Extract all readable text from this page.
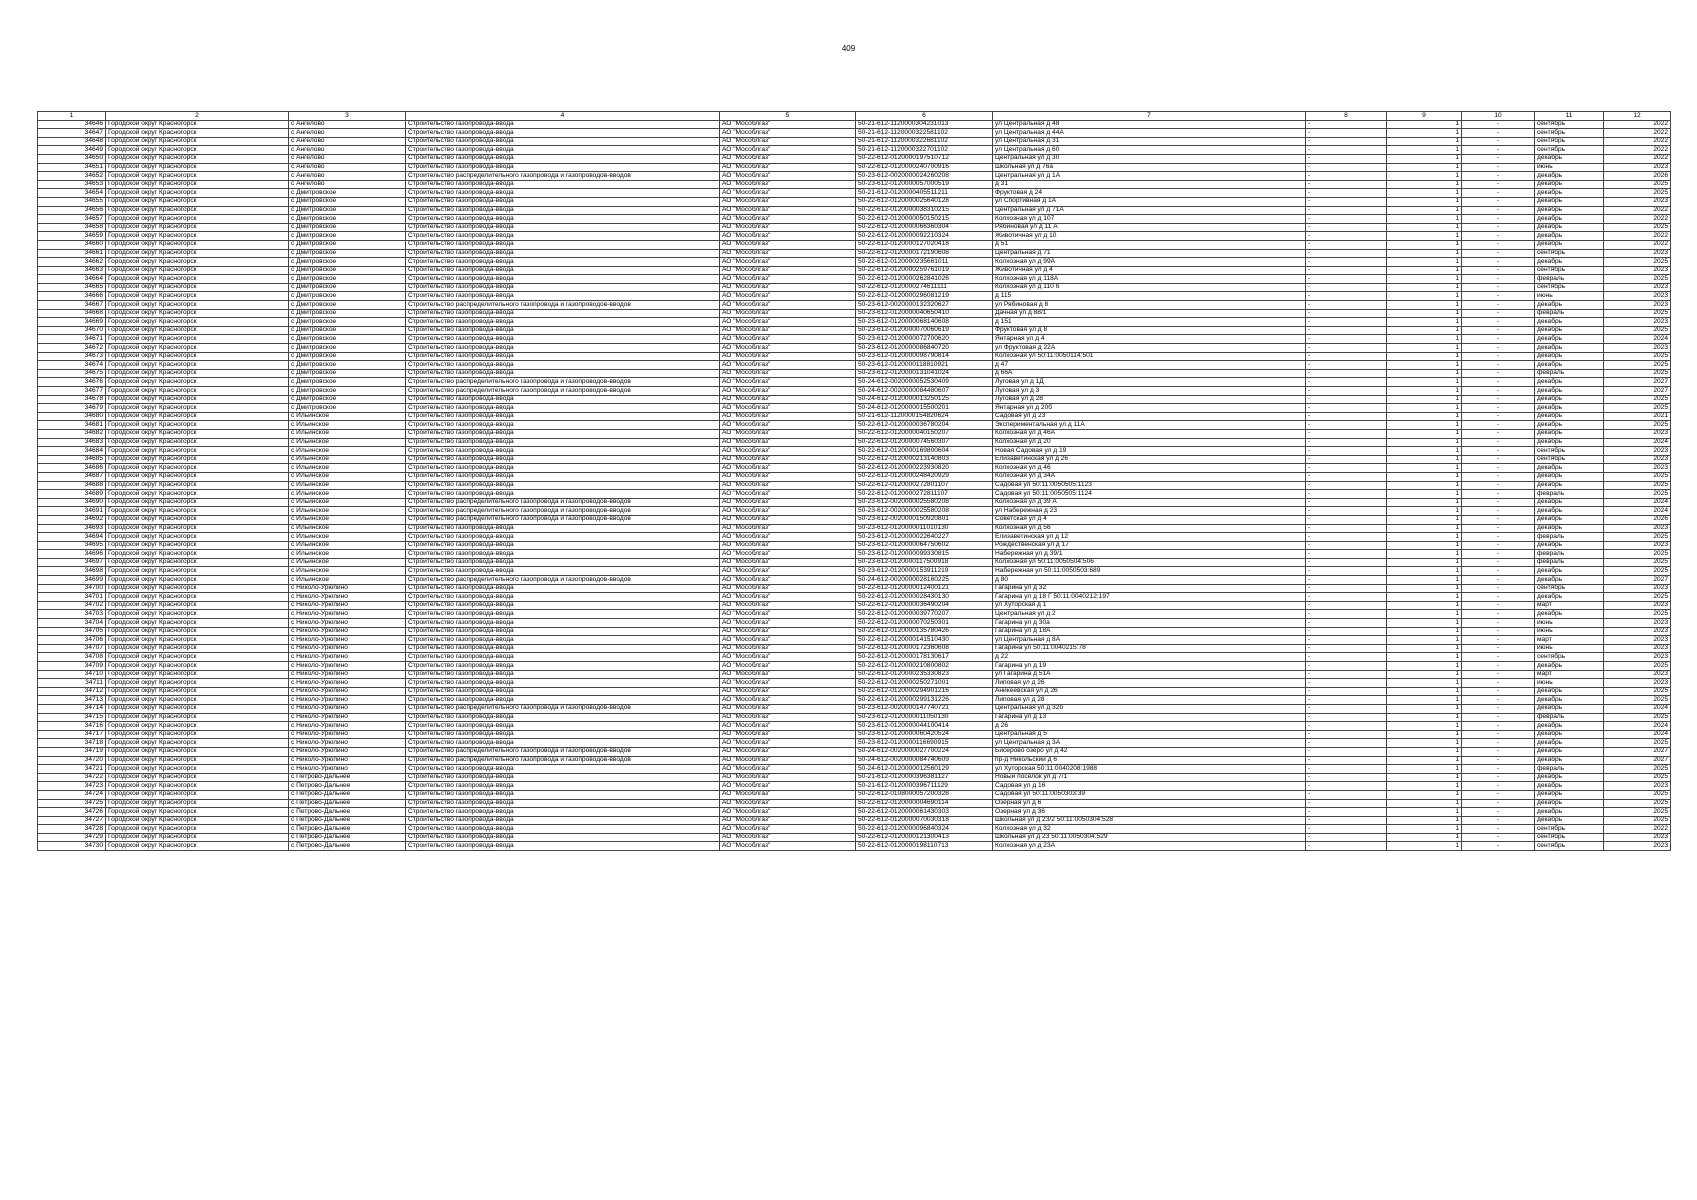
409
1	2	3	4	5	6	7	8	9	10	11	12
34646	Городской округ Красногорск	с Ангелово	Строительство газопровода-ввода	АО "Мособлгаз"	50-21-612-1120000304231013	ул Центральная д 48	-	1	-	сентябрь	2022
34647	Городской округ Красногорск	с Ангелово	Строительство газопровода-ввода	АО "Мособлгаз"	50-21-612-1120000322581102	ул Центральная д 44А	-	1	-	сентябрь	2022
34648	Городской округ Красногорск	с Ангелово	Строительство газопровода-ввода	АО "Мособлгаз"	50-21-612-1120000322681102	ул Центральная д 31	-	1	-	сентябрь	2022
34649	Городской округ Красногорск	с Ангелово	Строительство газопровода-ввода	АО "Мособлгаз"	50-21-612-1120000322701102	ул Центральная д 60	-	1	-	сентябрь	2022
34650	Городской округ Красногорск	с Ангелово	Строительство газопровода-ввода	АО "Мособлгаз"	50-22-612-0120000197510712	Центральная ул д 30	-	1	-	декабрь	2022
34651	Городской округ Красногорск	с Ангелово	Строительство газопровода-ввода	АО "Мособлгаз"	50-22-612-0120000240700916	Школьная ул д 76а	-	1	-	июнь	2023
34652	Городской округ Красногорск	с Ангелово	Строительство распределительного газопровода и газопроводов-вводов	АО "Мособлгаз"	50-23-612-0020000024260208	Центральная ул д 1А	-	1	-	декабрь	2026
34653	Городской округ Красногорск	с Ангелово	Строительство газопровода-ввода	АО "Мособлгаз"	50-23-612-0120000057000519	д 31	-	1	-	декабрь	2025
34654	Городской округ Красногорск	с Дмитровское	Строительство газопровода-ввода	АО "Мособлгаз"	50-21-612-0120000405511211	Фруктовая д 24	-	1	-	декабрь	2025
34655	Городской округ Красногорск	с Дмитровское	Строительство газопровода-ввода	АО "Мособлгаз"	50-22-612-0120000025640128	ул Спортивная д 1А	-	1	-	декабрь	2023
34656	Городской округ Красногорск	с Дмитровское	Строительство газопровода-ввода	АО "Мособлгаз"	50-22-612-0120000038310215	Центральная ул д 71А	-	1	-	декабрь	2022
34657	Городской округ Красногорск	с Дмитровское	Строительство газопровода-ввода	АО "Мособлгаз"	50-22-612-0120000050150215	Колхозная ул д 107	-	1	-	декабрь	2022
34658	Городской округ Красногорск	с Дмитровское	Строительство газопровода-ввода	АО "Мособлгаз"	50-22-612-0120000066360304	Рябиновая ул д 11 А	-	1	-	декабрь	2025
34659	Городской округ Красногорск	с Дмитровское	Строительство газопровода-ввода	АО "Мособлгаз"	50-22-612-0120000092210324	Животичная ул д 10	-	1	-	декабрь	2022
34660	Городской округ Красногорск	с Дмитровское	Строительство газопровода-ввода	АО "Мособлгаз"	50-22-612-0120000127020418	д 51	-	1	-	декабрь	2022
34661	Городской округ Красногорск	с Дмитровское	Строительство газопровода-ввода	АО "Мособлгаз"	50-22-612-0120000172190608	Центральная д 71	-	1	-	сентябрь	2023
34662	Городской округ Красногорск	с Дмитровское	Строительство газопровода-ввода	АО "Мособлгаз"	50-22-612-0120000235661011	Колхозная ул д 99А	-	1	-	декабрь	2025
34663	Городской округ Красногорск	с Дмитровское	Строительство газопровода-ввода	АО "Мособлгаз"	50-22-612-0120000259761019	Животичная ул д 4	-	1	-	сентябрь	2023
34664	Городской округ Красногорск	с Дмитровское	Строительство газопровода-ввода	АО "Мособлгаз"	50-22-612-0120000262841026	Колхозная ул д 118А	-	1	-	февраль	2025
34665	Городской округ Красногорск	с Дмитровское	Строительство газопровода-ввода	АО "Мособлгаз"	50-22-612-0120000274611111	Колхозная ул д 110 б	-	1	-	сентябрь	2023
34666	Городской округ Красногорск	с Дмитровское	Строительство газопровода-ввода	АО "Мособлгаз"	50-22-612-0120000296081219	д 115	-	1	-	июнь	2023
34667	Городской округ Красногорск	с Дмитровское	Строительство распределительного газопровода и газопроводов-вводов	АО "Мособлгаз"	50-23-612-0020000132320627	ул Рябиновая д 8	-	1	-	декабрь	2023
34668	Городской округ Красногорск	с Дмитровское	Строительство газопровода-ввода	АО "Мособлгаз"	50-23-612-0120000040650410	Дачная ул д 88/1	-	1	-	февраль	2025
34669	Городской округ Красногорск	с Дмитровское	Строительство газопровода-ввода	АО "Мособлгаз"	50-23-612-0120000068140608	д 151	-	1	-	декабрь	2023
34670	Городской округ Красногорск	с Дмитровское	Строительство газопровода-ввода	АО "Мособлгаз"	50-23-612-0120000070060619	Фруктовая ул д 8	-	1	-	декабрь	2025
34671	Городской округ Красногорск	с Дмитровское	Строительство газопровода-ввода	АО "Мособлгаз"	50-23-612-0120000072700620	Янтарная ул д 4	-	1	-	декабрь	2024
34672	Городской округ Красногорск	с Дмитровское	Строительство газопровода-ввода	АО "Мособлгаз"	50-23-612-0120000086840720	ул Фруктовая д 22А	-	1	-	декабрь	2023
34673	Городской округ Красногорск	с Дмитровское	Строительство газопровода-ввода	АО "Мособлгаз"	50-23-612-0120000098790814	Колхозная ул 50:11:0050114:501	-	1	-	декабрь	2025
34674	Городской округ Красногорск	с Дмитровское	Строительство газопровода-ввода	АО "Мособлгаз"	50-23-612-0120000118810921	д 47	-	1	-	декабрь	2025
34675	Городской округ Красногорск	с Дмитровское	Строительство газопровода-ввода	АО "Мособлгаз"	50-23-612-0120000131041024	д 66А	-	1	-	февраль	2025
34676	Городской округ Красногорск	с Дмитровское	Строительство распределительного газопровода и газопроводов-вводов	АО "Мособлгаз"	50-24-612-0020000052530409	Луговая ул д 1Д	-	1	-	декабрь	2027
34677	Городской округ Красногорск	с Дмитровское	Строительство распределительного газопровода и газопроводов-вводов	АО "Мособлгаз"	50-24-612-0020000084480607	Луговая ул д 3	-	1	-	декабрь	2027
34678	Городской округ Красногорск	с Дмитровское	Строительство газопровода-ввода	АО "Мособлгаз"	50-24-612-0120000013250125	Луговая ул д 28	-	1	-	декабрь	2025
34679	Городской округ Красногорск	с Дмитровское	Строительство газопровода-ввода	АО "Мособлгаз"	50-24-612-0120000015500201	Янтарная ул д 20б	-	1	-	декабрь	2025
34680	Городской округ Красногорск	с Ильинское	Строительство газопровода-ввода	АО "Мособлгаз"	50-21-612-1120000154820624	Садовая ул д 23	-	1	-	декабрь	2021
34681	Городской округ Красногорск	с Ильинское	Строительство газопровода-ввода	АО "Мособлгаз"	50-22-612-0120000036780204	Экспериментальная ул д 11А	-	1	-	декабрь	2025
34682	Городской округ Красногорск	с Ильинское	Строительство газопровода-ввода	АО "Мособлгаз"	50-22-612-0120000040150207	Колхозная ул д 46А	-	1	-	декабрь	2023
34683	Городской округ Красногорск	с Ильинское	Строительство газопровода-ввода	АО "Мособлгаз"	50-22-612-0120000074560307	Колхозная ул д 20	-	1	-	декабрь	2024
34684	Городской округ Красногорск	с Ильинское	Строительство газопровода-ввода	АО "Мособлгаз"	50-22-612-0120000169800604	Новая Садовая ул д 19	-	1	-	сентябрь	2023
34685	Городской округ Красногорск	с Ильинское	Строительство газопровода-ввода	АО "Мособлгаз"	50-22-612-0120000213140803	Елизаветинская ул д 26	-	1	-	сентябрь	2023
34686	Городской округ Красногорск	с Ильинское	Строительство газопровода-ввода	АО "Мособлгаз"	50-22-612-0120000223930820	Колхозная ул д 46	-	1	-	декабрь	2023
34687	Городской округ Красногорск	с Ильинское	Строительство газопровода-ввода	АО "Мособлгаз"	50-22-612-0120000248420929	Колхозная ул д 34А	-	1	-	декабрь	2025
34688	Городской округ Красногорск	с Ильинское	Строительство газопровода-ввода	АО "Мособлгаз"	50-22-612-0120000272801107	Садовая ул 50:11:0050505:1123	-	1	-	декабрь	2025
34689	Городской округ Красногорск	с Ильинское	Строительство газопровода-ввода	АО "Мособлгаз"	50-22-612-0120000272811107	Садовая ул 50:11:0050505:1124	-	1	-	февраль	2025
34690	Городской округ Красногорск	с Ильинское	Строительство распределительного газопровода и газопроводов-вводов	АО "Мособлгаз"	50-23-612-0020000025580208	Колхозная ул д 39 А	-	1	-	декабрь	2024
34691	Городской округ Красногорск	с Ильинское	Строительство распределительного газопровода и газопроводов-вводов	АО "Мособлгаз"	50-23-612-0020000025580208	ул Набережная д 23	-	1	-	декабрь	2024
34692	Городской округ Красногорск	с Ильинское	Строительство распределительного газопровода и газопроводов-вводов	АО "Мособлгаз"	50-23-612-0020000150920801	Советская ул д 4	-	1	-	декабрь	2026
34693	Городской округ Красногорск	с Ильинское	Строительство газопровода-ввода	АО "Мособлгаз"	50-23-612-0120000011010130	Колхозная ул д 56	-	1	-	декабрь	2023
34694	Городской округ Красногорск	с Ильинское	Строительство газопровода-ввода	АО "Мособлгаз"	50-23-612-0120000022640227	Елизаветинская ул д 12	-	1	-	февраль	2025
34695	Городской округ Красногорск	с Ильинское	Строительство газопровода-ввода	АО "Мособлгаз"	50-23-612-0120000064750602	Рождественская ул д 17	-	1	-	декабрь	2023
34696	Городской округ Красногорск	с Ильинское	Строительство газопровода-ввода	АО "Мособлгаз"	50-23-612-0120000099330815	Набережная ул д 39/1	-	1	-	февраль	2025
34697	Городской округ Красногорск	с Ильинское	Строительство газопровода-ввода	АО "Мособлгаз"	50-23-612-0120000117500918	Колхозная ул 50:11:0050504:506	-	1	-	февраль	2025
34698	Городской округ Красногорск	с Ильинское	Строительство газопровода-ввода	АО "Мособлгаз"	50-23-612-0120000153911219	Набережная ул 50:11:0050503:689	-	1	-	декабрь	2025
34699	Городской округ Красногорск	с Ильинское	Строительство распределительного газопровода и газопроводов-вводов	АО "Мособлгаз"	50-24-612-0020000028160225	д 80	-	1	-	декабрь	2027
34700	Городской округ Красногорск	с Николо-Урюпино	Строительство газопровода-ввода	АО "Мособлгаз"	50-22-612-0120000012400121	Гагарина ул д 32	-	1	-	сентябрь	2023
34701	Городской округ Красногорск	с Николо-Урюпино	Строительство газопровода-ввода	АО "Мособлгаз"	50-22-612-0120000028430130	Гагарина ул д 18 Г 50:11:0040212:197	-	1	-	декабрь	2025
34702	Городской округ Красногорск	с Николо-Урюпино	Строительство газопровода-ввода	АО "Мособлгаз"	50-22-612-0120000036490204	ул Хуторская д 1	-	1	-	март	2023
34703	Городской округ Красногорск	с Николо-Урюпино	Строительство газопровода-ввода	АО "Мособлгаз"	50-22-612-0120000039770207	Центральная ул д 2	-	1	-	декабрь	2025
34704	Городской округ Красногорск	с Николо-Урюпино	Строительство газопровода-ввода	АО "Мособлгаз"	50-22-612-0120000070250301	Гагарина ул д 30а	-	1	-	июнь	2023
34705	Городской округ Красногорск	с Николо-Урюпино	Строительство газопровода-ввода	АО "Мособлгаз"	50-22-612-0120000135780426	Гагарина ул д 18А	-	1	-	июнь	2023
34706	Городской округ Красногорск	с Николо-Урюпино	Строительство газопровода-ввода	АО "Мособлгаз"	50-22-612-0120000141510430	ул Центральная д 8А	-	1	-	март	2023
34707	Городской округ Красногорск	с Николо-Урюпино	Строительство газопровода-ввода	АО "Мособлгаз"	50-22-612-0120000172360608	Гагарина ул 50:11:0040215:78	-	1	-	июнь	2023
34708	Городской округ Красногорск	с Николо-Урюпино	Строительство газопровода-ввода	АО "Мособлгаз"	50-22-612-0120000178130617	д 22	-	1	-	сентябрь	2023
34709	Городской округ Красногорск	с Николо-Урюпино	Строительство газопровода-ввода	АО "Мособлгаз"	50-22-612-0120000210800802	Гагарина ул д 19	-	1	-	декабрь	2025
34710	Городской округ Красногорск	с Николо-Урюпино	Строительство газопровода-ввода	АО "Мособлгаз"	50-22-612-0120000235330823	ул Гагарина д 51А	-	1	-	март	2023
34711	Городской округ Красногорск	с Николо-Урюпино	Строительство газопровода-ввода	АО "Мособлгаз"	50-22-612-0120000250271001	Липовая ул д 26	-	1	-	июнь	2023
34712	Городской округ Красногорск	с Николо-Урюпино	Строительство газопровода-ввода	АО "Мособлгаз"	50-22-612-0120000294901216	Аникеевская ул д 26	-	1	-	декабрь	2025
34713	Городской округ Красногорск	с Николо-Урюпино	Строительство газопровода-ввода	АО "Мособлгаз"	50-22-612-0120000299131226	Липовая ул д 28	-	1	-	декабрь	2025
34714	Городской округ Красногорск	с Николо-Урюпино	Строительство распределительного газопровода и газопроводов-вводов	АО "Мособлгаз"	50-23-612-0020000147740721	Центральная ул д 32б	-	1	-	декабрь	2024
34715	Городской округ Красногорск	с Николо-Урюпино	Строительство газопровода-ввода	АО "Мособлгаз"	50-23-612-0120000011050130	Гагарина ул д 13	-	1	-	февраль	2025
34716	Городской округ Красногорск	с Николо-Урюпино	Строительство газопровода-ввода	АО "Мособлгаз"	50-23-612-0120000044100414	д 26	-	1	-	декабрь	2024
34717	Городской округ Красногорск	с Николо-Урюпино	Строительство газопровода-ввода	АО "Мособлгаз"	50-23-612-0120000060420524	Центральная д 5	-	1	-	декабрь	2024
34718	Городской округ Красногорск	с Николо-Урюпино	Строительство газопровода-ввода	АО "Мособлгаз"	50-23-612-0120000116690915	ул Центральная д 3А	-	1	-	декабрь	2025
34719	Городской округ Красногорск	с Николо-Урюпино	Строительство распределительного газопровода и газопроводов-вводов	АО "Мособлгаз"	50-24-612-0020000027700224	Бисерово озеро ул д 42	-	1	-	декабрь	2027
34720	Городской округ Красногорск	с Николо-Урюпино	Строительство распределительного газопровода и газопроводов-вводов	АО "Мособлгаз"	50-24-612-0020000084740609	пр-д Никольский д 6	-	1	-	декабрь	2027
34721	Городской округ Красногорск	с Николо-Урюпино	Строительство газопровода-ввода	АО "Мособлгаз"	50-24-612-0120000012560129	ул Хуторская 50:11:0040208:1988	-	1	-	февраль	2025
34722	Городской округ Красногорск	с Петрово-Дальнее	Строительство газопровода-ввода	АО "Мособлгаз"	50-21-612-0120000396381127	Новый поселок ул д 7/1	-	1	-	декабрь	2025
34723	Городской округ Красногорск	с Петрово-Дальнее	Строительство газопровода-ввода	АО "Мособлгаз"	50-21-612-0120000396711129	Садовая ул д 16	-	1	-	декабрь	2023
34724	Городской округ Красногорск	с Петрово-Дальнее	Строительство газопровода-ввода	АО "Мособлгаз"	50-22-612-0108000057200328	Садовая ул 50:11:0050303:39	-	1	-	декабрь	2025
34725	Городской округ Красногорск	с Петрово-Дальнее	Строительство газопровода-ввода	АО "Мособлгаз"	50-22-612-0120000004690114	Озерная ул д 6	-	1	-	декабрь	2025
34726	Городской округ Красногорск	с Петрово-Дальнее	Строительство газопровода-ввода	АО "Мособлгаз"	50-22-612-0120000061430303	Озерная ул д 36	-	1	-	декабрь	2025
34727	Городской округ Красногорск	с Петрово-Дальнее	Строительство газопровода-ввода	АО "Мособлгаз"	50-22-612-0120000070030318	Школьная ул д 23/2 50:11:0050304:528	-	1	-	декабрь	2025
34728	Городской округ Красногорск	с Петрово-Дальнее	Строительство газопровода-ввода	АО "Мособлгаз"	50-22-612-0120000096840324	Колхозная ул д 32	-	1	-	сентябрь	2022
34729	Городской округ Красногорск	с Петрово-Дальнее	Строительство газопровода-ввода	АО "Мособлгаз"	50-22-612-0120000121300413	Школьная ул д 23 50:11:0050304:529	-	1	-	сентябрь	2023
34730	Городской округ Красногорск	с Петрово-Дальнее	Строительство газопровода-ввода	АО "Мособлгаз"	50-22-612-0120000198110713	Колхозная ул д 23А	-	1	-	сентябрь	2023
